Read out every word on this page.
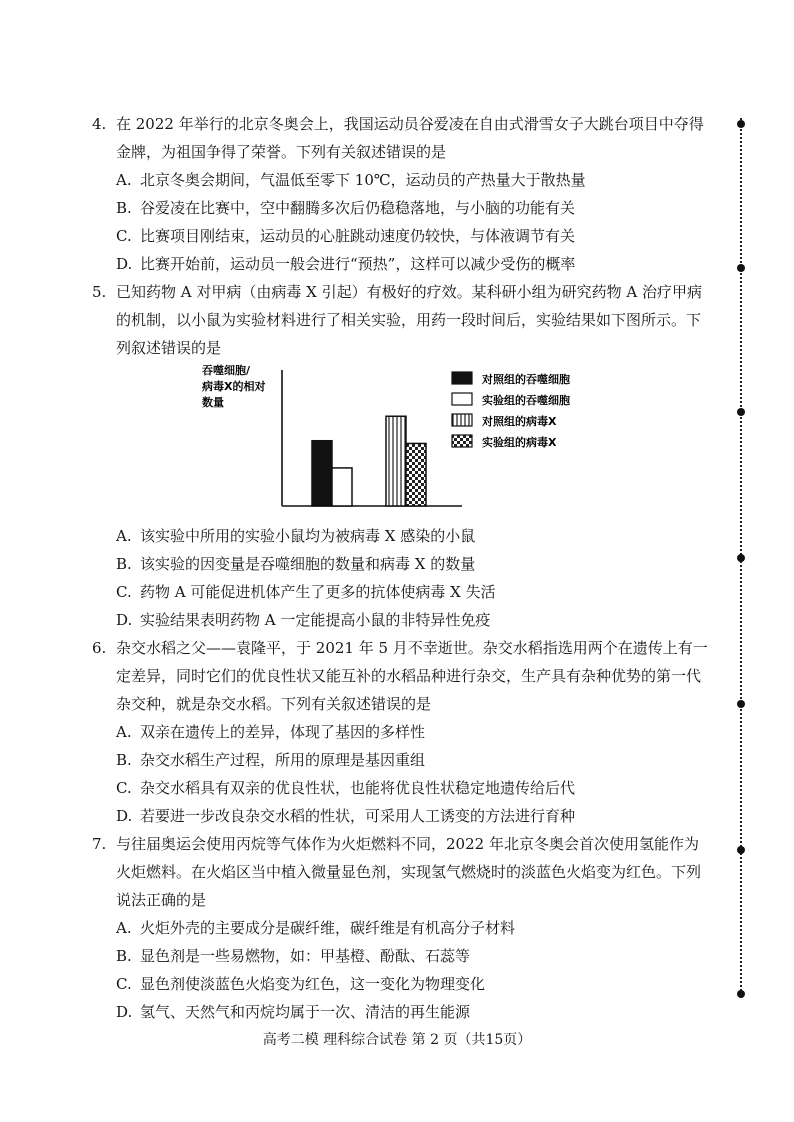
4. 在 2022 年举行的北京冬奥会上，我国运动员谷爱凌在自由式滑雪女子大跳台项目中夺得
金牌，为祖国争得了荣誉。下列有关叙述错误的是
A. 北京冬奥会期间，气温低至零下 10℃，运动员的产热量大于散热量
B. 谷爱凌在比赛中，空中翻腾多次后仍稳稳落地，与小脑的功能有关
C. 比赛项目刚结束，运动员的心脏跳动速度仍较快，与体液调节有关
D. 比赛开始前，运动员一般会进行“预热”，这样可以减少受伤的概率
5. 已知药物 A 对甲病（由病毒 X 引起）有极好的疗效。某科研小组为研究药物 A 治疗甲病
的机制，以小鼠为实验材料进行了相关实验，用药一段时间后，实验结果如下图所示。下
列叙述错误的是
吞噬细胞/
病毒X的相对
数量
对照组的吞噬细胞
实验组的吞噬细胞
对照组的病毒X
实验组的病毒X
A. 该实验中所用的实验小鼠均为被病毒 X 感染的小鼠
B. 该实验的因变量是吞噬细胞的数量和病毒 X 的数量
C. 药物 A 可能促进机体产生了更多的抗体使病毒 X 失活
D. 实验结果表明药物 A 一定能提高小鼠的非特异性免疫
6. 杂交水稻之父——袁隆平，于 2021 年 5 月不幸逝世。杂交水稻指选用两个在遗传上有一
定差异，同时它们的优良性状又能互补的水稻品种进行杂交，生产具有杂种优势的第一代
杂交种，就是杂交水稻。下列有关叙述错误的是
A. 双亲在遗传上的差异，体现了基因的多样性
B. 杂交水稻生产过程，所用的原理是基因重组
C. 杂交水稻具有双亲的优良性状，也能将优良性状稳定地遗传给后代
D. 若要进一步改良杂交水稻的性状，可采用人工诱变的方法进行育种
7. 与往届奥运会使用丙烷等气体作为火炬燃料不同，2022 年北京冬奥会首次使用氢能作为
火炬燃料。在火焰区当中植入微量显色剂，实现氢气燃烧时的淡蓝色火焰变为红色。下列
说法正确的是
A. 火炬外壳的主要成分是碳纤维，碳纤维是有机高分子材料
B. 显色剂是一些易燃物，如：甲基橙、酚酞、石蕊等
C. 显色剂使淡蓝色火焰变为红色，这一变化为物理变化
D. 氢气、天然气和丙烷均属于一次、清洁的再生能源
高考二模 理科综合试卷 第 2 页（共15页）
